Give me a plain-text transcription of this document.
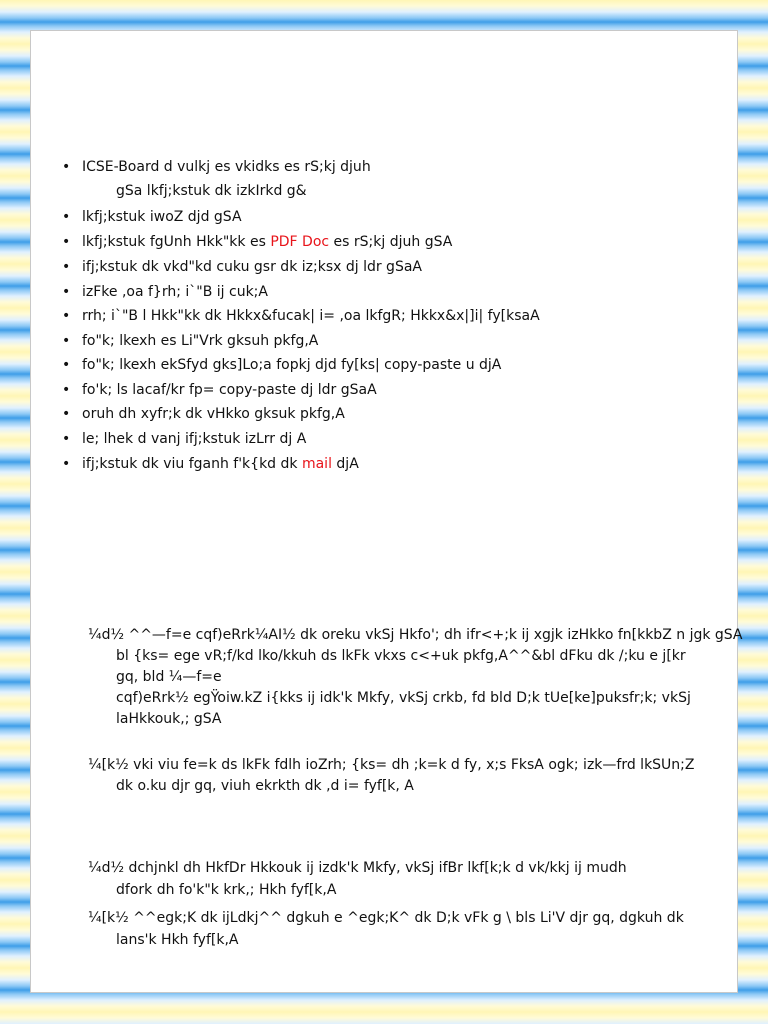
• ICSE-Board d vulkj es vkidks es rS;kj djuh
gSa lkfj;kstuk dk izkIrkd g&
• lkfj;kstuk iwoZ djd gSA
• lkfj;kstuk fgUnh Hkk"kk es PDF Doc es rS;kj djuh gSA
• ifj;kstuk dk vkd"kd cuku gsr dk iz;ksx dj ldr gSaA
• izFke ,oa f}rh; i`"B ij cuk;A
• rrh; i`"B l Hkk"kk dk Hkkx&fucak| i= ,oa lkfgR; Hkkx&x|]i| fy[ksaA
• fo"k; lkexh es Li"Vrk gksuh pkfg,A
• fo"k; lkexh ekSfyd gks]Lo;a fopkj djd fy[ks| copy-paste u djA
• fo'k; ls lacaf/kr fp= copy-paste dj ldr gSaA
• oruh dh xyfr;k dk vHkko gksuk pkfg,A
• le; lhek d vanj ifj;kstuk izLrr dj A
• ifj;kstuk dk viu fganh f'k{kd dk mail djA
¼d½ ^^—f=e cqf)eRrk¼AI½ dk oreku vkSj Hkfo'; dh ifr<+;k ij xgjk izHkko fn[kkbZ n jgk gSA
bl {ks= ege vR;f/kd lko/kkuh ds lkFk vkxs c<+uk pkfg,A^^&bl dFku dk /;ku e j[kr
gq, bld ¼—f=e
cqf)eRrk½ egŸoiw.kZ i{kks ij idk'k Mkfy, vkSj crkb, fd bld D;k tUe[ke]puksfr;k; vkSj
laHkkouk,; gSA
¼[k½ vki viu fe=k ds lkFk fdlh ioZrh; {ks= dh ;k=k d fy, x;s FksA ogk; izk—frd lkSUn;Z
dk o.ku djr gq, viuh ekrkth dk ,d i= fyf[k, A
¼d½ dchjnkl dh HkfDr Hkkouk ij izdk'k Mkfy, vkSj ifBr lkf[k;k d vk/kkj ij mudh
dfork dh fo'k"k krk,; Hkh fyf[k,A
¼[k½ ^^egk;K dk ijLdkj^^ dgkuh e ^egk;K^ dk D;k vFk g \ bls Li'V djr gq, dgkuh dk
lans'k Hkh fyf[k,A
